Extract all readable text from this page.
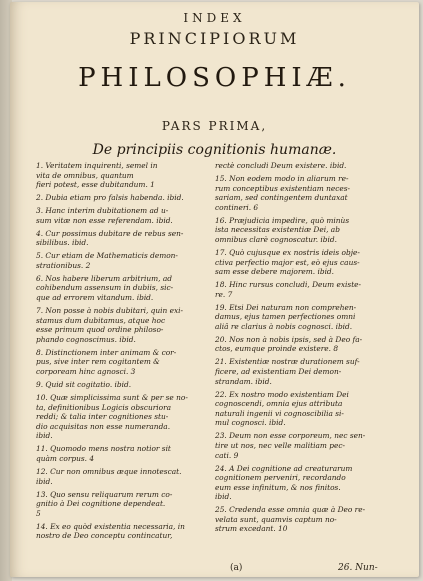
INDEX
PRINCIPIORUM
PHILOSOPHIÆ.
PARS PRIMA,
De principiis cognitionis humanæ.
1. Veritatem inquirenti, semel in
vita de omnibus, quantum
fieri potest, esse dubitandum. 1
2. Dubia etiam pro falsis habenda. ibid.
3. Hanc interim dubitationem ad u-
sum vitæ non esse referendam. ibid.
4. Cur possimus dubitare de rebus sen-
sibilibus. ibid.
5. Cur etiam de Mathematicis demon-
strationibus. 2
6. Nos habere liberum arbitrium, ad
cohibendum assensum in dubiis, sic-
que ad errorem vitandum. ibid.
7. Non posse à nobis dubitari, quin exi-
stamus dum dubitamus, atque hoc
esse primum quod ordine philoso-
phando cognoscimus. ibid.
8. Distinctionem inter animam & cor-
pus, sive inter rem cogitantem &
corpoream hinc agnosci. 3
9. Quid sit cogitatio. ibid.
10. Quæ simplicissima sunt & per se no-
ta, definitionibus Logicis obscuriora
reddi; & talia inter cognitiones stu-
dio acquisitas non esse numeranda.
ibid.
11. Quomodo mens nostra notior sit
quàm corpus. 4
12. Cur non omnibus æque innotescat.
ibid.
13. Quo sensu reliquarum rerum co-
gnitio à Dei cognitione dependeat.
5
14. Ex eo quòd existentia necessaria, in
nostro de Deo conceptu contincatur,
rectè concludi Deum existere. ibid.
15. Non eodem modo in aliarum re-
rum conceptibus existentiam neces-
sariam, sed contingentem duntaxat
contineri. 6
16. Præjudicia impedire, quò minùs
ista necessitas existentiæ Dei, ab
omnibus clarè cognoscatur. ibid.
17. Quò cujusque ex nostris ideis obje-
ctiva perfectio major est, eò ejus caus-
sam esse debere majorem. ibid.
18. Hinc rursus concludi, Deum existe-
re. 7
19. Etsi Dei naturam non comprehen-
damus, ejus tamen perfectiones omni
aliâ re clarius à nobis cognosci. ibid.
20. Nos non à nobis ipsis, sed à Deo fa-
ctos, eumque proinde existere. 8
21. Existentiæ nostræ durationem suf-
ficere, ad existentiam Dei demon-
strandam. ibid.
22. Ex nostro modo existentiam Dei
cognoscendi, omnia ejus attributa
naturali ingenii vi cognoscibilia si-
mul cognosci. ibid.
23. Deum non esse corporeum, nec sen-
tire ut nos, nec velle malitiam pec-
cati. 9
24. A Dei cognitione ad creaturarum
cognitionem perveniri, recordando
eum esse infinitum, & nos finitos.
ibid.
25. Credenda esse omnia quæ à Deo re-
velata sunt, quamvis captum no-
strum excedant. 10
(a)	26. Nun-
